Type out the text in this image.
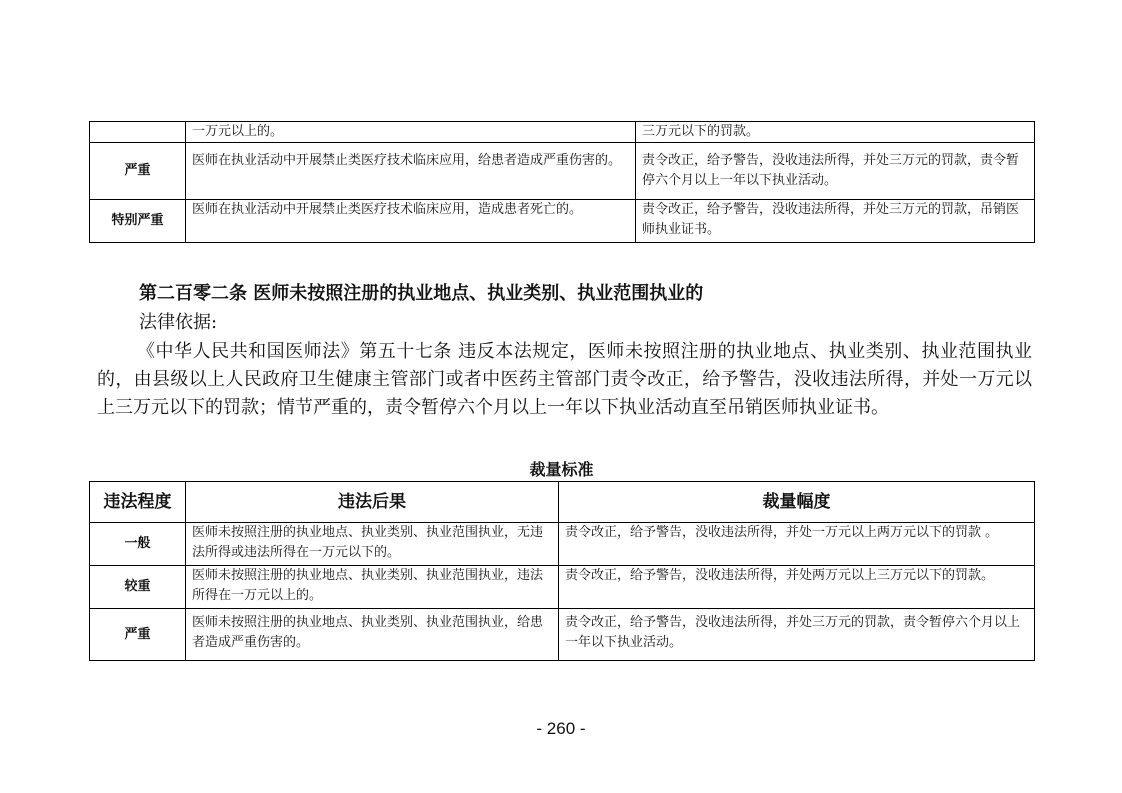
	一万元以上的。	三万元以下的罚款。
严重	医师在执业活动中开展禁止类医疗技术临床应用，给患者造成严重伤害的。	责令改正，给予警告，没收违法所得，并处三万元的罚款，责令暂停六个月以上一年以下执业活动。
特别严重	医师在执业活动中开展禁止类医疗技术临床应用，造成患者死亡的。	责令改正，给予警告，没收违法所得，并处三万元的罚款，吊销医师执业证书。
第二百零二条 医师未按照注册的执业地点、执业类别、执业范围执业的
法律依据:
《中华人民共和国医师法》第五十七条 违反本法规定，医师未按照注册的执业地点、执业类别、执业范围执业的，由县级以上人民政府卫生健康主管部门或者中医药主管部门责令改正，给予警告，没收违法所得，并处一万元以上三万元以下的罚款；情节严重的，责令暂停六个月以上一年以下执业活动直至吊销医师执业证书。
裁量标准
违法程度	违法后果	裁量幅度
一般	医师未按照注册的执业地点、执业类别、执业范围执业，无违法所得或违法所得在一万元以下的。	责令改正，给予警告，没收违法所得，并处一万元以上两万元以下的罚款 。
较重	医师未按照注册的执业地点、执业类别、执业范围执业，违法所得在一万元以上的。	责令改正，给予警告，没收违法所得，并处两万元以上三万元以下的罚款。
严重	医师未按照注册的执业地点、执业类别、执业范围执业，给患者造成严重伤害的。	责令改正，给予警告，没收违法所得，并处三万元的罚款，责令暂停六个月以上一年以下执业活动。
- 260 -
